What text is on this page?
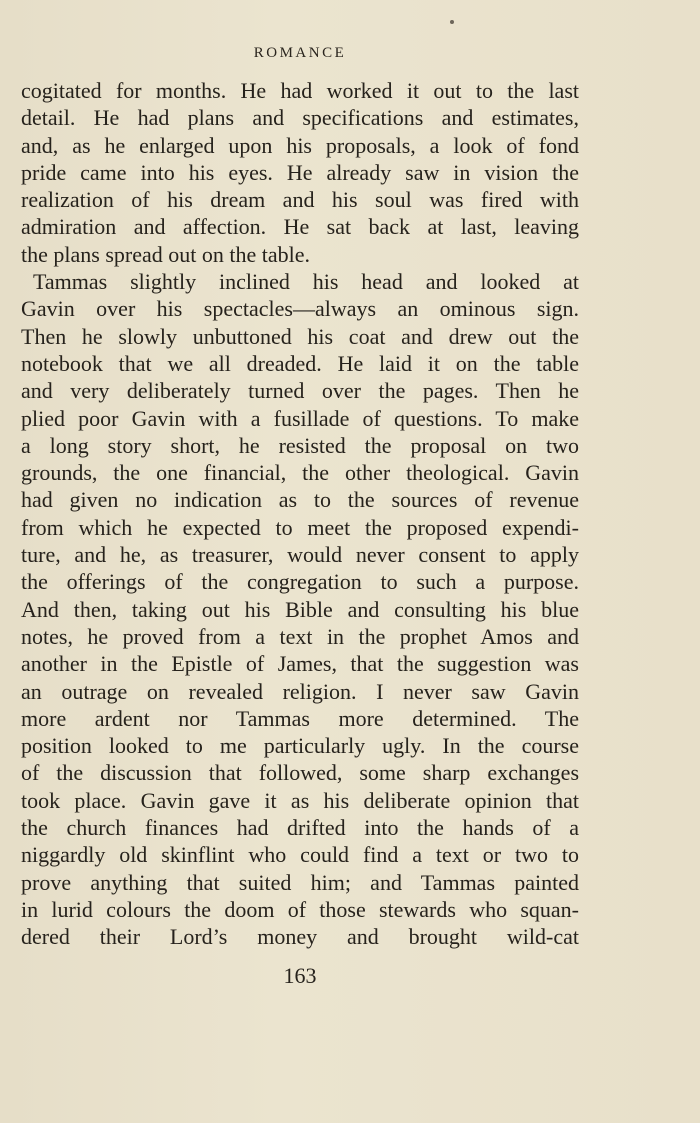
ROMANCE
cogitated for months. He had worked it out to the last
detail. He had plans and specifications and estimates,
and, as he enlarged upon his proposals, a look of fond
pride came into his eyes. He already saw in vision the
realization of his dream and his soul was fired with
admiration and affection. He sat back at last, leaving
the plans spread out on the table.
Tammas slightly inclined his head and looked at
Gavin over his spectacles—always an ominous sign.
Then he slowly unbuttoned his coat and drew out the
notebook that we all dreaded. He laid it on the table
and very deliberately turned over the pages. Then he
plied poor Gavin with a fusillade of questions. To make
a long story short, he resisted the proposal on two
grounds, the one financial, the other theological. Gavin
had given no indication as to the sources of revenue
from which he expected to meet the proposed expendi-
ture, and he, as treasurer, would never consent to apply
the offerings of the congregation to such a purpose.
And then, taking out his Bible and consulting his blue
notes, he proved from a text in the prophet Amos and
another in the Epistle of James, that the suggestion was
an outrage on revealed religion. I never saw Gavin
more ardent nor Tammas more determined. The
position looked to me particularly ugly. In the course
of the discussion that followed, some sharp exchanges
took place. Gavin gave it as his deliberate opinion that
the church finances had drifted into the hands of a
niggardly old skinflint who could find a text or two to
prove anything that suited him; and Tammas painted
in lurid colours the doom of those stewards who squan-
dered their Lord’s money and brought wild-cat
163
